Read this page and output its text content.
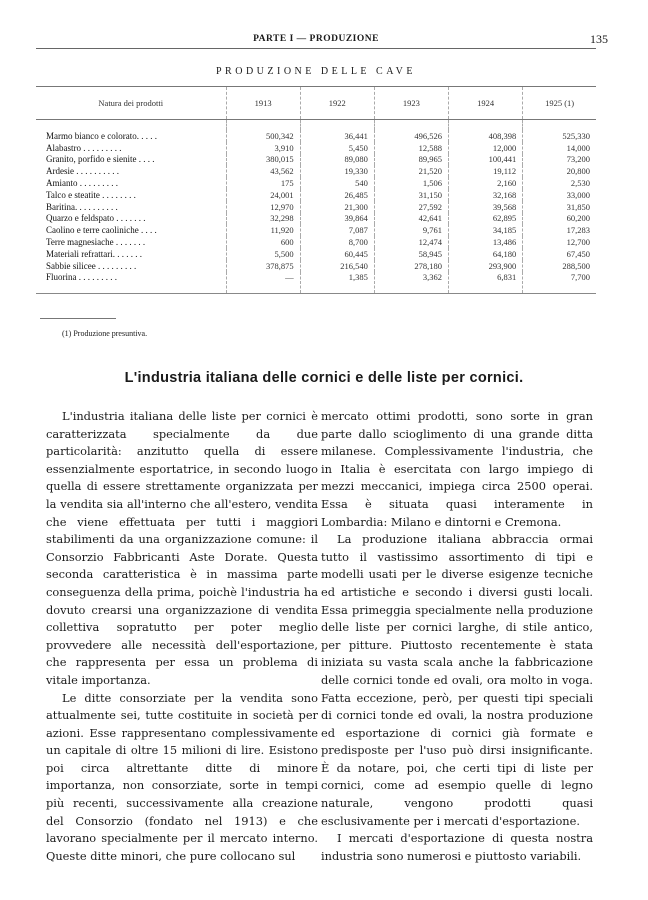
PARTE I — PRODUZIONE	135
PRODUZIONE DELLE CAVE
Natura dei prodotti	1913	1922	1923	1924	1925 (1)

Marmo bianco e colorato. . . . .	500,342	36,441	496,526	408,398	525,330
Alabastro . . . . . . . . .	3,910	5,450	12,588	12,000	14,000
Granito, porfido e sienite . . . .	380,015	89,080	89,965	100,441	73,200
Ardesie . . . . . . . . . .	43,562	19,330	21,520	19,112	20,800
Amianto . . . . . . . . .	175	540	1,506	2,160	2,530
Talco e steatite . . . . . . . .	24,001	26,485	31,150	32,168	33,000
Baritina. . . . . . . . . .	12,970	21,300	27,592	39,568	31,850
Quarzo e feldspato . . . . . . .	32,298	39,864	42,641	62,895	60,200
Caolino e terre caoliniche . . . .	11,920	7,087	9,761	34,185	17,283
Terre magnesiache . . . . . . .	600	8,700	12,474	13,486	12,700
Materiali refrattari. . . . . . .	5,500	60,445	58,945	64,180	67,450
Sabbie silicee . . . . . . . . .	378,875	216,540	278,180	293,900	288,500
Fluorina . . . . . . . . .	—	1,385	3,362	6,831	7,700
(1) Produzione presuntiva.
L'industria italiana delle cornici e delle liste per cornici.

L'industria italiana delle liste per cornici è caratterizzata specialmente da due particolarità: anzitutto quella di essere essenzialmente esportatrice, in secondo luogo quella di essere strettamente organizzata per la vendita sia all'interno che all'estero, vendita che viene effettuata per tutti i maggiori stabilimenti da una organizzazione comune: il Consorzio Fabbricanti Aste Dorate. Questa seconda caratteristica è in massima parte conseguenza della prima, poichè l'industria ha dovuto crearsi una organizzazione di vendita collettiva sopratutto per poter meglio provvedere alle necessità dell'esportazione, che rappresenta per essa un problema di vitale importanza.

Le ditte consorziate per la vendita sono attualmente sei, tutte costituite in società per azioni. Esse rappresentano complessivamente un capitale di oltre 15 milioni di lire. Esistono poi circa altrettante ditte di minore importanza, non consorziate, sorte in tempi più recenti, successivamente alla creazione del Consorzio (fondato nel 1913) e che lavorano specialmente per il mercato interno. Queste ditte minori, che pure collocano sul

mercato ottimi prodotti, sono sorte in gran parte dallo scioglimento di una grande ditta milanese. Complessivamente l'industria, che in Italia è esercitata con largo impiego di mezzi meccanici, impiega circa 2500 operai. Essa è situata quasi interamente in Lombardia: Milano e dintorni e Cremona.

La produzione italiana abbraccia ormai tutto il vastissimo assortimento di tipi e modelli usati per le diverse esigenze tecniche ed artistiche e secondo i diversi gusti locali. Essa primeggia specialmente nella produzione delle liste per cornici larghe, di stile antico, per pitture. Piuttosto recentemente è stata iniziata su vasta scala anche la fabbricazione delle cornici tonde ed ovali, ora molto in voga. Fatta eccezione, però, per questi tipi speciali di cornici tonde ed ovali, la nostra produzione ed esportazione di cornici già formate e predisposte per l'uso può dirsi insignificante. È da notare, poi, che certi tipi di liste per cornici, come ad esempio quelle di legno naturale, vengono prodotti quasi esclusivamente per i mercati d'esportazione.

I mercati d'esportazione di questa nostra industria sono numerosi e piuttosto variabili.
